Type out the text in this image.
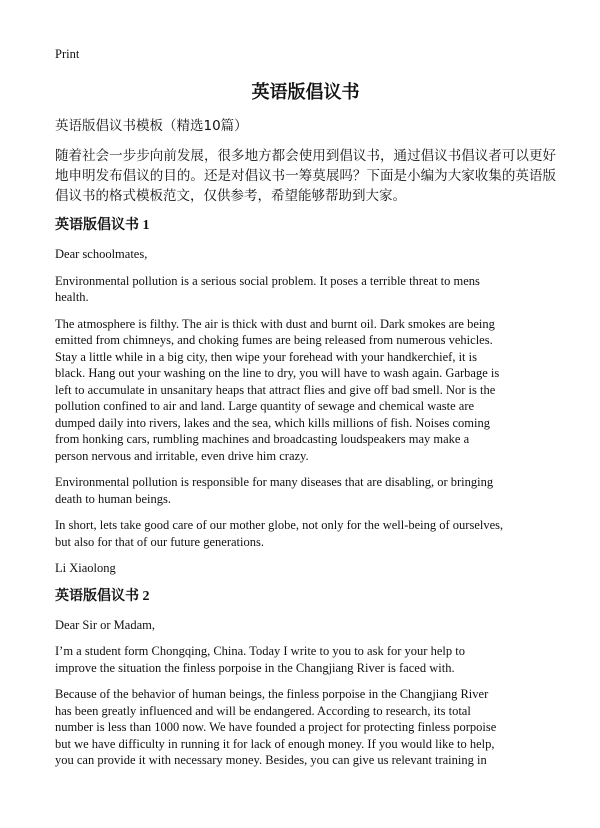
Print
英语版倡议书
英语版倡议书模板（精选10篇）
随着社会一步步向前发展，很多地方都会使用到倡议书，通过倡议书倡议者可以更好地申明发布倡议的目的。还是对倡议书一筹莫展吗？下面是小编为大家收集的英语版倡议书的格式模板范文，仅供参考，希望能够帮助到大家。
英语版倡议书 1
Dear schoolmates,
Environmental pollution is a serious social problem. It poses a terrible threat to mens
health.
The atmosphere is filthy. The air is thick with dust and burnt oil. Dark smokes are being
emitted from chimneys, and choking fumes are being released from numerous vehicles.
Stay a little while in a big city, then wipe your forehead with your handkerchief, it is
black. Hang out your washing on the line to dry, you will have to wash again. Garbage is
left to accumulate in unsanitary heaps that attract flies and give off bad smell. Nor is the
pollution confined to air and land. Large quantity of sewage and chemical waste are
dumped daily into rivers, lakes and the sea, which kills millions of fish. Noises coming
from honking cars, rumbling machines and broadcasting loudspeakers may make a
person nervous and irritable, even drive him crazy.
Environmental pollution is responsible for many diseases that are disabling, or bringing
death to human beings.
In short, lets take good care of our mother globe, not only for the well-being of ourselves,
but also for that of our future generations.
Li Xiaolong
英语版倡议书 2
Dear Sir or Madam,
I’m a student form Chongqing, China. Today I write to you to ask for your help to
improve the situation the finless porpoise in the Changjiang River is faced with.
Because of the behavior of human beings, the finless porpoise in the Changjiang River
has been greatly influenced and will be endangered. According to research, its total
number is less than 1000 now. We have founded a project for protecting finless porpoise
but we have difficulty in running it for lack of enough money. If you would like to help,
you can provide it with necessary money. Besides, you can give us relevant training in
